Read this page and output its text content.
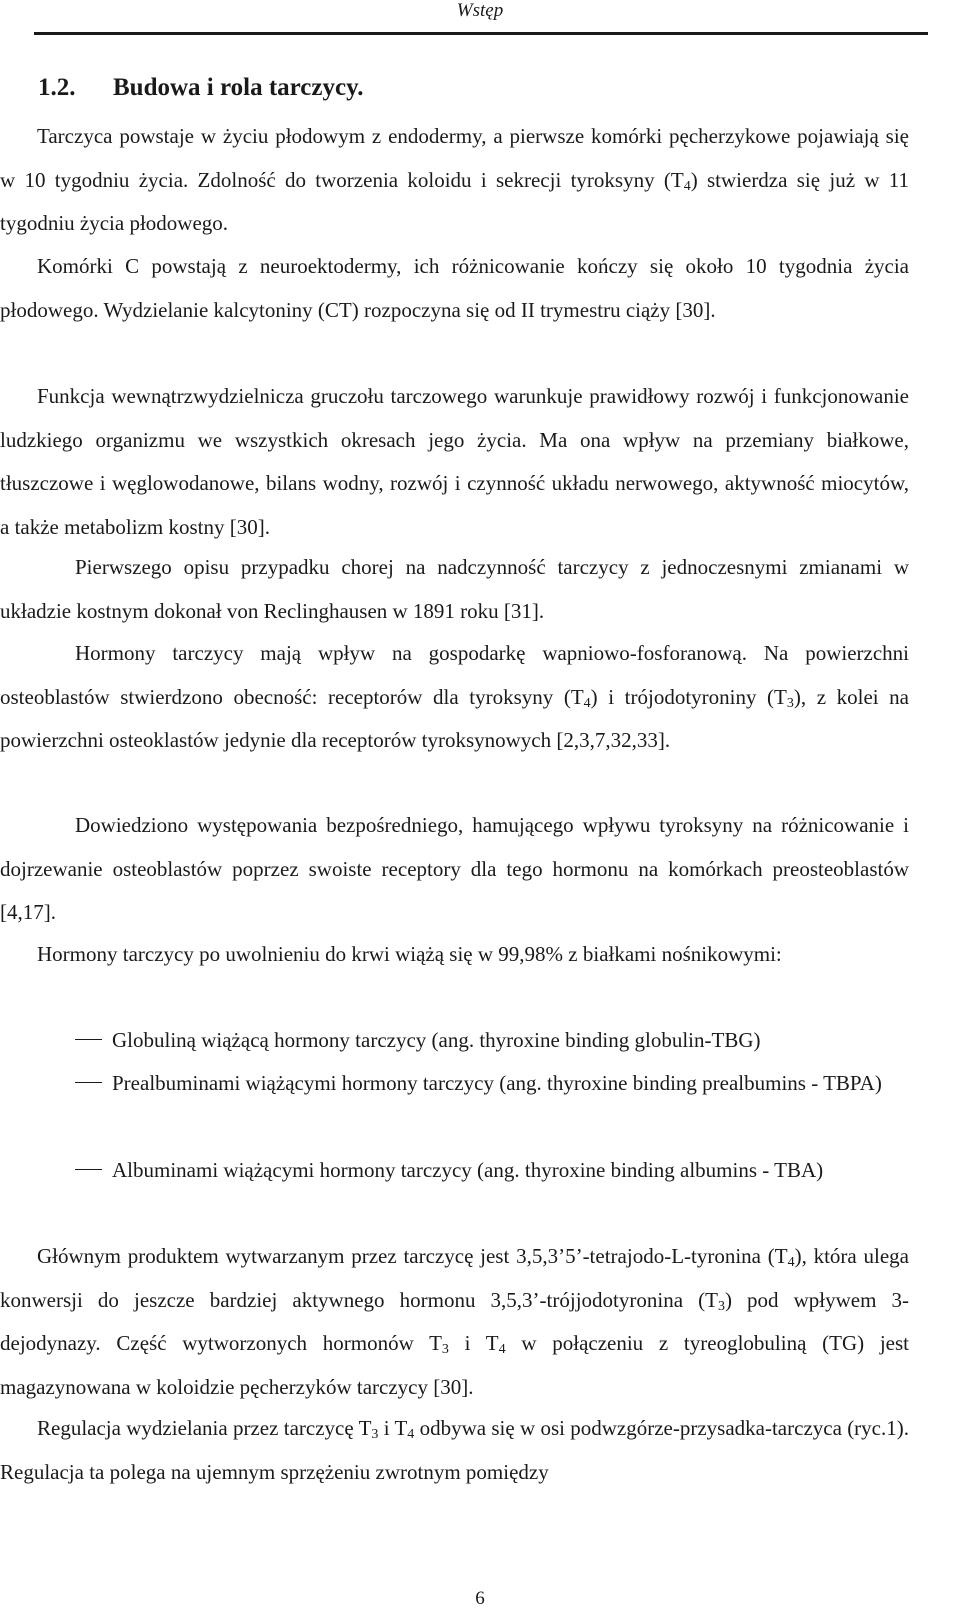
Wstęp
1.2. Budowa i rola tarczycy.

Tarczyca powstaje w życiu płodowym z endodermy, a pierwsze komórki pęcherzykowe pojawiają się w 10 tygodniu życia. Zdolność do tworzenia koloidu i sekrecji tyroksyny $(T_4)$ stwierdza się już w 11 tygodniu życia płodowego.

Komórki C powstają z neuroektodermy, ich różnicowanie kończy się około 10 tygodnia życia płodowego. Wydzielanie kalcytoniny (CT) rozpoczyna się od II trymestru ciąży [30].

Funkcja wewnątrzwydzielnicza gruczołu tarczowego warunkuje prawidłowy rozwój i funkcjonowanie ludzkiego organizmu we wszystkich okresach jego życia. Ma ona wpływ na przemiany białkowe, tłuszczowe i węglowodanowe, bilans wodny, rozwój i czynność układu nerwowego, aktywność miocytów, a także metabolizm kostny [30].

Pierwszego opisu przypadku chorej na nadczynność tarczycy z jednoczesnymi zmianami w układzie kostnym dokonał von Reclinghausen w 1891 roku [31].

Hormony tarczycy mają wpływ na gospodarkę wapniowo-fosforanową. Na powierzchni osteoblastów stwierdzono obecność: receptorów dla tyroksyny $(T_4)$ i trójodotyroniny $(T_3)$, z kolei na powierzchni osteoklastów jedynie dla receptorów tyroksynowych [2,3,7,32,33].

Dowiedziono występowania bezpośredniego, hamującego wpływu tyroksyny na różnicowanie i dojrzewanie osteoblastów poprzez swoiste receptory dla tego hormonu na komórkach preosteoblastów [4,17].

Hormony tarczycy po uwolnieniu do krwi wiążą się w 99,98% z białkami nośnikowymi:

Globuliną wiążącą hormony tarczycy (ang. thyroxine binding globulin-TBG)
Prealbuminami wiążącymi hormony tarczycy (ang. thyroxine binding prealbumins - TBPA)
Albuminami wiążącymi hormony tarczycy (ang. thyroxine binding albumins - TBA)

Głównym produktem wytwarzanym przez tarczycę jest 3,5,3’5’-tetrajodo-L-tyronina $(T_4)$, która ulega konwersji do jeszcze bardziej aktywnego hormonu 3,5,3’-trójjodotyronina $(T_3)$ pod wpływem 3-dejodynazy. Część wytworzonych hormonów $T_3$ i $T_4$ w połączeniu z tyreoglobuliną (TG) jest magazynowana w koloidzie pęcherzyków tarczycy [30].

Regulacja wydzielania przez tarczycę $T_3$ i $T_4$ odbywa się w osi podwzgórze-przysadka-tarczyca (ryc.1). Regulacja ta polega na ujemnym sprzężeniu zwrotnym pomiędzy

6
